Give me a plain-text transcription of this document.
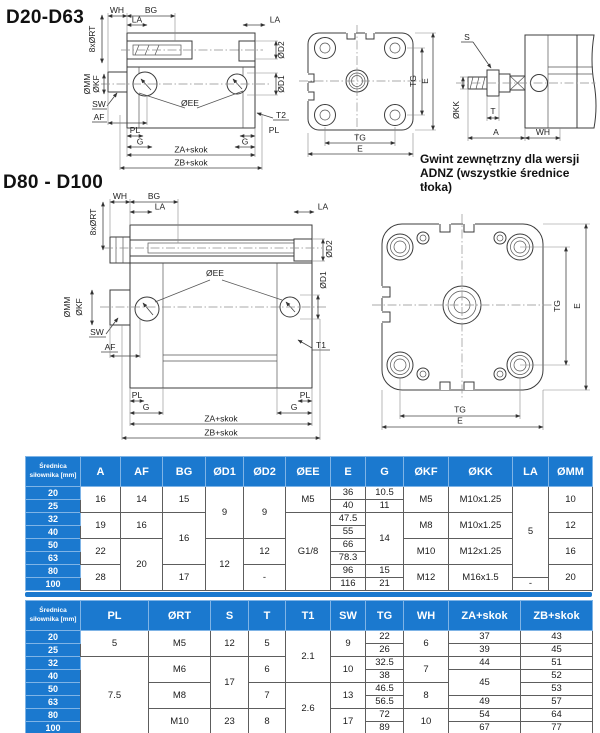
D20-D63
D80 - D100
8xØRT
WH BG
LA	LA
ØD2
ØD1
ØMM ØKF
SW
AF
ØEE
T2
PL
G
PL
G
ZA+skok
ZB+skok
TG E
TG
E
S
ØKK	T
A	WH
Gwint zewnętrzny dla wersji
ADNZ (wszystkie średnice tłoka)
WH BG
LA
8xØRT
LA
ØD2
ØD1
ØMM ØKF
SW
AF
ØEE
T1
PL
G
PL
G
ZA+skok
ZB+skok
TG E
TG
E
Średnica siłownika [mm]	A	AF	BG	ØD1	ØD2	ØEE	E	G	ØKF	ØKK	LA	ØMM
20	16	14	15	9	9	M5	36	10.5	M5	M10x1.25	5	10
25							40	11				
32	19	16	16			G1/8	47.5	14	M8	M10x1.25		12
40							55					
50	22	20		12	12		66		M10	M12x1.25		16
63							78.3					
80	28		17		-		96	15	M12	M16x1.5		20
100							116	21			-	
Średnica siłownika [mm]	PL	ØRT	S	T	T1	SW	TG	WH	ZA+skok	ZB+skok
20	5	M5	12	5	2.1	9	22	6	37	43
25							26		39	45
32	7.5	M6	17	6		10	32.5	7	44	51
40							38		45	52
50		M8		7	2.6	13	46.5	8		53
63							56.5		49	57
80		M10	23	8		17	72	10	54	64
100							89		67	77
